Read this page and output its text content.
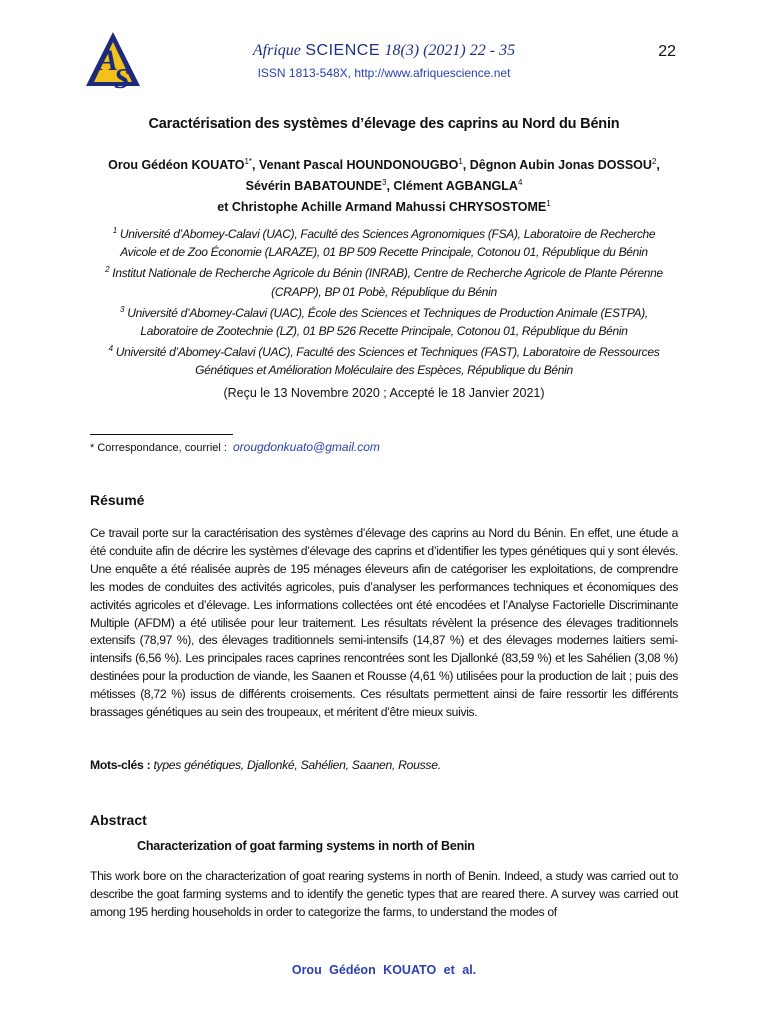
A
S
Afrique SCIENCE 18(3) (2021) 22 - 35	22
ISSN 1813-548X, http://www.afriquescience.net
Caractérisation des systèmes d’élevage des caprins au Nord du Bénin
Orou Gédéon $KOUATO^{1*}$, Venant Pascal HOUNDONOUGBO$^1$, Dêgnon Aubin Jonas DOSSOU$^2$,
Sévérin BABATOUNDE$^3$, Clément AGBANGLA$^4$
et Christophe Achille Armand Mahussi CHRYSOSTOME$^1$
$^1$ Université d’Abomey-Calavi (UAC), Faculté des Sciences Agronomiques (FSA), Laboratoire de Recherche
Avicole et de Zoo Économie (LARAZE), 01 BP 509 Recette Principale, Cotonou 01, République du Bénin
$^2$ Institut Nationale de Recherche Agricole du Bénin (INRAB), Centre de Recherche Agricole de Plante Pérenne
(CRAPP), BP 01 Pobè, République du Bénin
$^3$ Université d’Abomey-Calavi (UAC), École des Sciences et Techniques de Production Animale (ESTPA),
Laboratoire de Zootechnie (LZ), 01 BP 526 Recette Principale, Cotonou 01, République du Bénin
$^4$ Université d’Abomey-Calavi (UAC), Faculté des Sciences et Techniques (FAST), Laboratoire de Ressources
Génétiques et Amélioration Moléculaire des Espèces, République du Bénin
(Reçu le 13 Novembre 2020 ; Accepté le 18 Janvier 2021)
* Correspondance, courriel : orougdonkuato@gmail.com
Résumé
Ce travail porte sur la caractérisation des systèmes d’élevage des caprins au Nord du Bénin. En effet, une étude a été conduite afin de décrire les systèmes d’élevage des caprins et d’identifier les types génétiques qui y sont élevés. Une enquête a été réalisée auprès de 195 ménages éleveurs afin de catégoriser les exploitations, de comprendre les modes de conduites des activités agricoles, puis d’analyser les performances techniques et économiques des activités agricoles et d’élevage. Les informations collectées ont été encodées et l’Analyse Factorielle Discriminante Multiple (AFDM) a été utilisée pour leur traitement. Les résultats révèlent la présence des élevages traditionnels extensifs (78,97 %), des élevages traditionnels semi-intensifs (14,87 %) et des élevages modernes laitiers semi-intensifs (6,56 %). Les principales races caprines rencontrées sont les Djallonké (83,59 %) et les Sahélien (3,08 %) destinées pour la production de viande, les Saanen et Rousse (4,61 %) utilisées pour la production de lait ; puis des métisses (8,72 %) issus de différents croisements. Ces résultats permettent ainsi de faire ressortir les différents brassages génétiques au sein des troupeaux, et méritent d’être mieux suivis.
Mots-clés : types génétiques, Djallonké, Sahélien, Saanen, Rousse.
Abstract
Characterization of goat farming systems in north of Benin
This work bore on the characterization of goat rearing systems in north of Benin. Indeed, a study was carried out to describe the goat farming systems and to identify the genetic types that are reared there. A survey was carried out among 195 herding households in order to categorize the farms, to understand the modes of
Orou Gédéon KOUATO et al.
